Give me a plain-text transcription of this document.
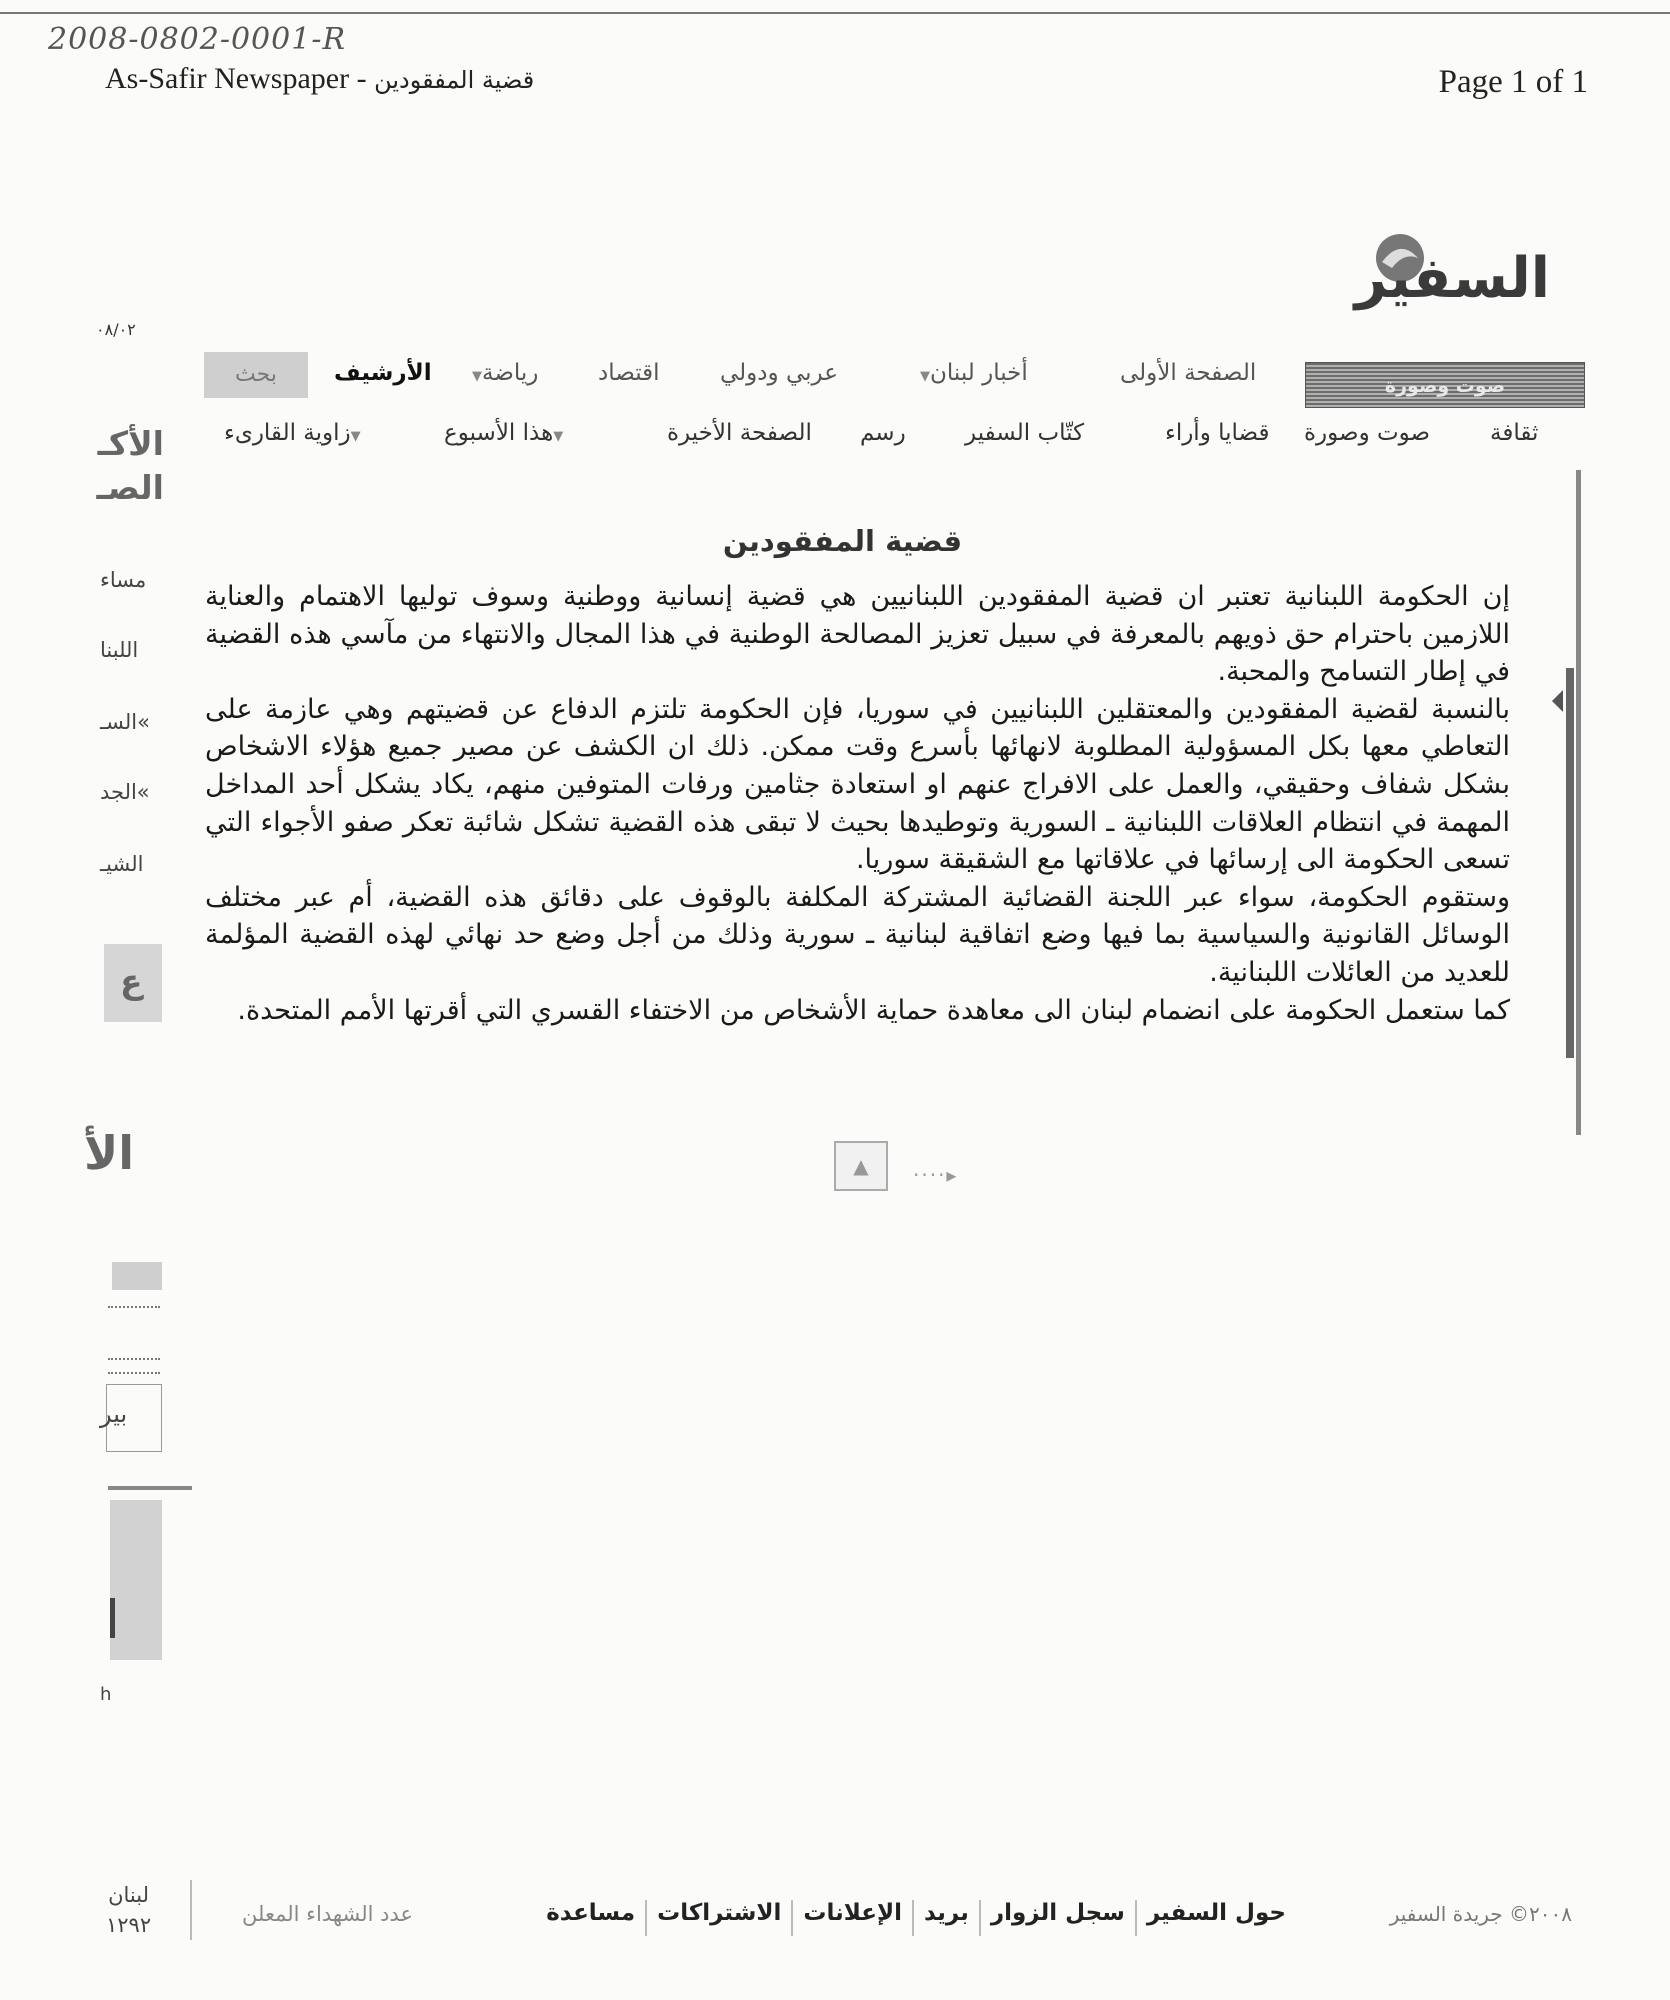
2008-0802-0001-R
As-Safir Newspaper - قضية المفقودين	Page 1 of 1
السفير
٠٨/٠٢
بحث	الأرشيف	رياضة▼	اقتصاد	عربي ودولي	أخبار لبنان▼	الصفحة الأولى	صوت وصورة
▼زاوية القارىء	▼هذا الأسبوع	الصفحة الأخيرة رسم	كتّاب السفير	قضايا وأراء صوت وصورة	ثقافة
الأكـ
الصـ
مساء
اللبنا
»السـ
»الجد
الشيـ
ع
الأ
بير
h
قضية المفقودين

إن الحكومة اللبنانية تعتبر ان قضية المفقودين اللبنانيين هي قضية إنسانية ووطنية وسوف توليها الاهتمام والعناية اللازمين باحترام حق ذويهم بالمعرفة في سبيل تعزيز المصالحة الوطنية في هذا المجال والانتهاء من مآسي هذه القضية في إطار التسامح والمحبة.

بالنسبة لقضية المفقودين والمعتقلين اللبنانيين في سوريا، فإن الحكومة تلتزم الدفاع عن قضيتهم وهي عازمة على التعاطي معها بكل المسؤولية المطلوبة لانهائها بأسرع وقت ممكن. ذلك ان الكشف عن مصير جميع هؤلاء الاشخاص بشكل شفاف وحقيقي، والعمل على الافراج عنهم او استعادة جثامين ورفات المتوفين منهم، يكاد يشكل أحد المداخل المهمة في انتظام العلاقات اللبنانية ـ السورية وتوطيدها بحيث لا تبقى هذه القضية تشكل شائبة تعكر صفو الأجواء التي تسعى الحكومة الى إرسائها في علاقاتها مع الشقيقة سوريا.

وستقوم الحكومة، سواء عبر اللجنة القضائية المشتركة المكلفة بالوقوف على دقائق هذه القضية، أم عبر مختلف الوسائل القانونية والسياسية بما فيها وضع اتفاقية لبنانية ـ سورية وذلك من أجل وضع حد نهائي لهذه القضية المؤلمة للعديد من العائلات اللبنانية.

كما ستعمل الحكومة على انضمام لبنان الى معاهدة حماية الأشخاص من الاختفاء القسري التي أقرتها الأمم المتحدة.

▲	····▸
٢٠٠٨© جريدة السفير
حول السفير
سجل الزوار
بريد
الإعلانات
الاشتراكات
مساعدة
عدد الشهداء المعلن
لبنان
١٢٩٢
